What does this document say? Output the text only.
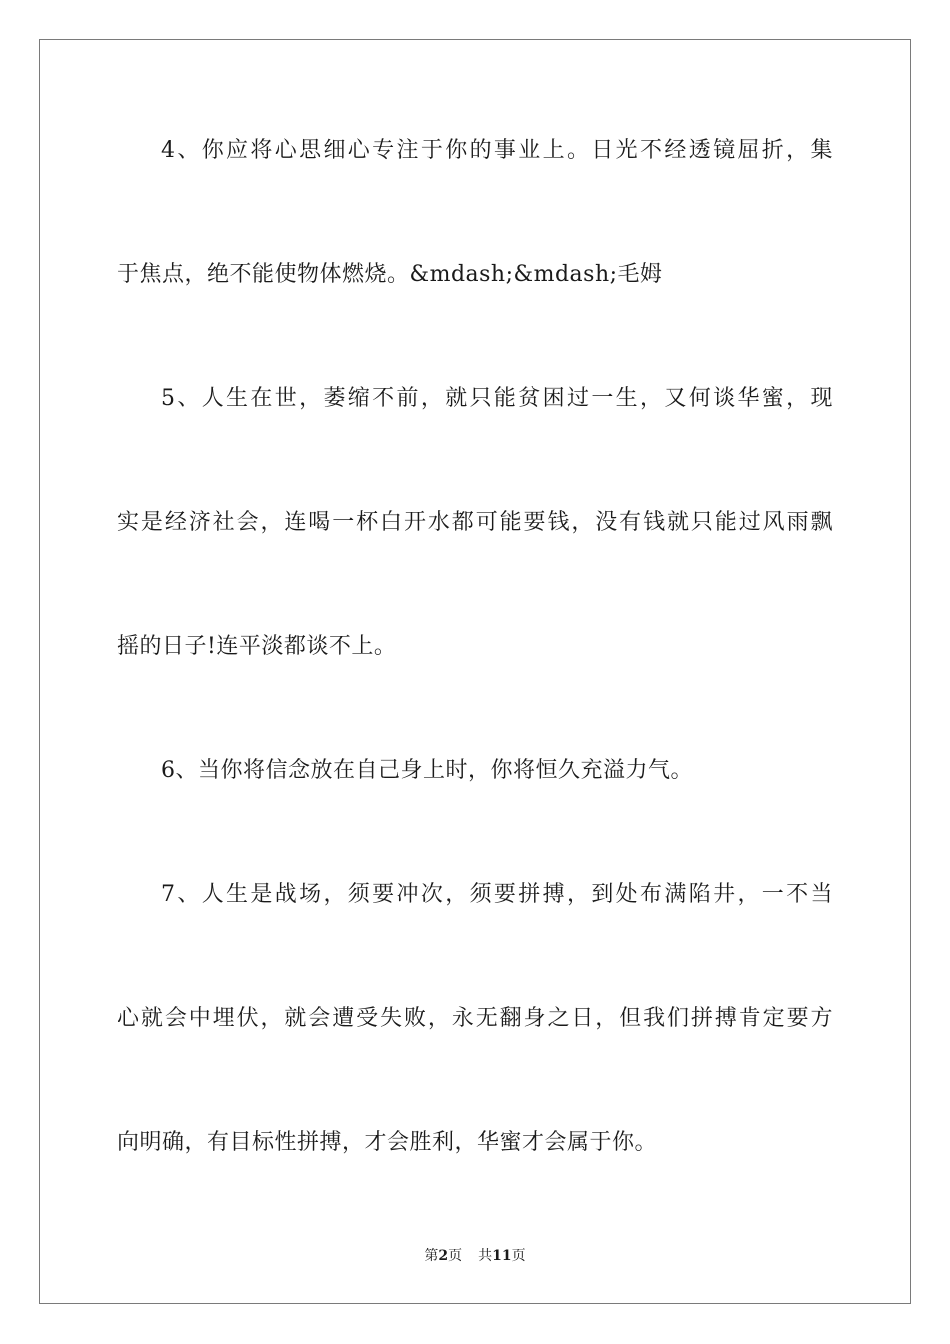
4、你应将心思细心专注于你的事业上。日光不经透镜屈折，集
于焦点，绝不能使物体燃烧。&mdash;&mdash;毛姆
5、人生在世，萎缩不前，就只能贫困过一生，又何谈华蜜，现
实是经济社会，连喝一杯白开水都可能要钱，没有钱就只能过风雨飘
摇的日子!连平淡都谈不上。
6、当你将信念放在自己身上时，你将恒久充溢力气。
7、人生是战场，须要冲次，须要拼搏，到处布满陷井，一不当
心就会中埋伏，就会遭受失败，永无翻身之日，但我们拼搏肯定要方
向明确，有目标性拼搏，才会胜利，华蜜才会属于你。
第2页 共11页
